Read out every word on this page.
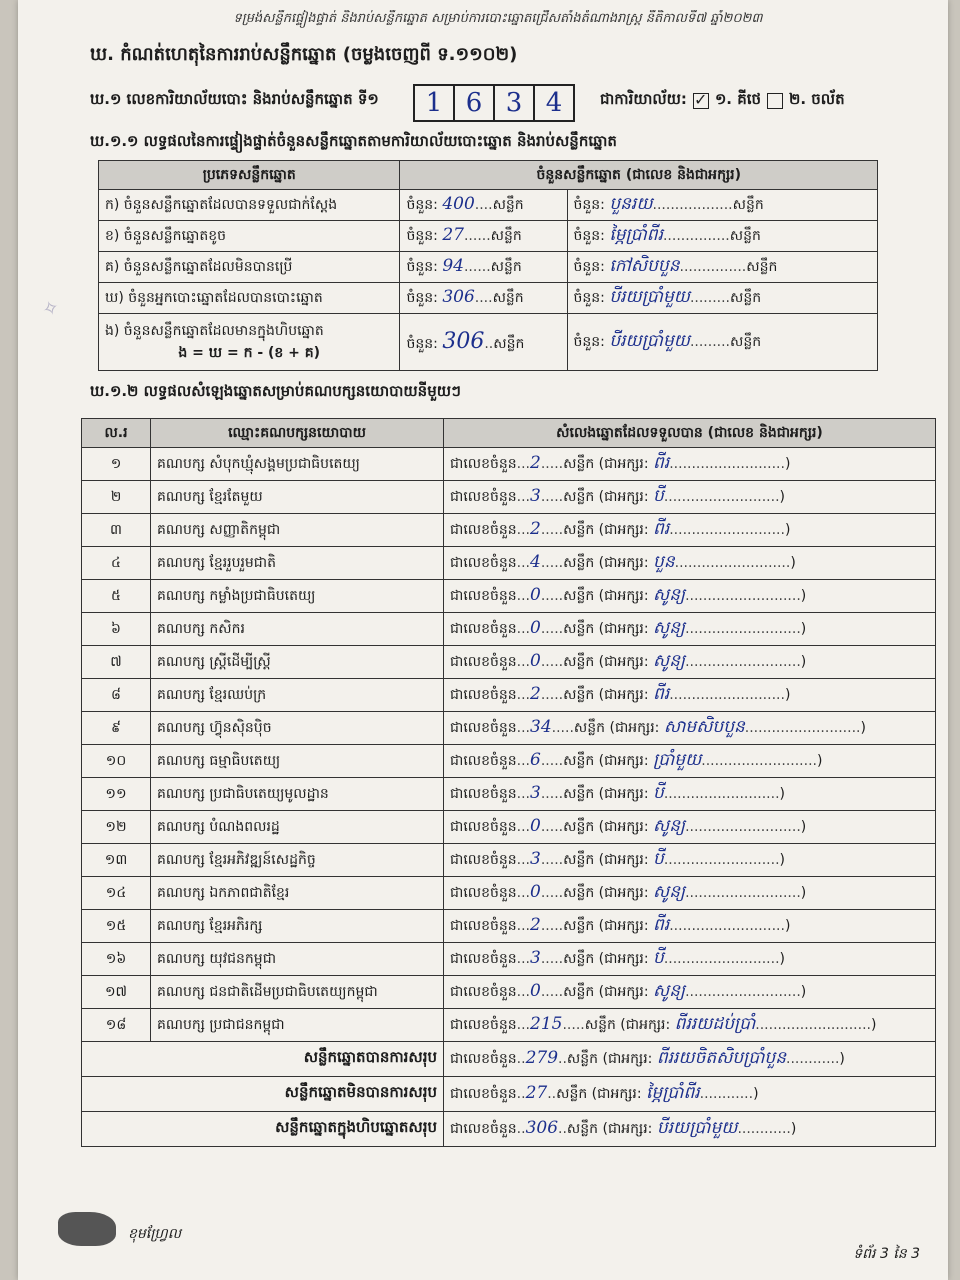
✧
ទម្រង់សន្លឹកផ្ទៀងផ្ទាត់ និងរាប់សន្លឹកឆ្នោត សម្រាប់ការបោះឆ្នោតជ្រើសតាំងតំណាងរាស្ត្រ នីតិកាលទី៧ ឆ្នាំ២០២៣
ឃ. កំណត់ហេតុនៃការរាប់សន្លឹកឆ្នោត (ចម្លងចេញពី ទ.១១០២)
ឃ.១ លេខការិយាល័យបោះ និងរាប់សន្លឹកឆ្នោត ទី១	1 6 3 4	ជាការិយាល័យ: ✓ ១. គីថេ ២. ចល័ត
ឃ.១.១ លទ្ធផលនៃការផ្ទៀងផ្ទាត់ចំនួនសន្លឹកឆ្នោតតាមការិយាល័យបោះឆ្នោត និងរាប់សន្លឹកឆ្នោត
ប្រភេទសន្លឹកឆ្នោត	ចំនួនសន្លឹកឆ្នោត (ជាលេខ និងជាអក្សរ)	
ក) ចំនួនសន្លឹកឆ្នោតដែលបានទទួលជាក់ស្តែង	ចំនួន: 400....សន្លឹក	ចំនួន: បួនរយ..................សន្លឹក
ខ) ចំនួនសន្លឹកឆ្នោតខូច	ចំនួន: 27......សន្លឹក	ចំនួន: ម្ភៃប្រាំពីរ...............សន្លឹក
គ) ចំនួនសន្លឹកឆ្នោតដែលមិនបានប្រើ	ចំនួន: 94......សន្លឹក	ចំនួន: កៅសិបបួន...............សន្លឹក
ឃ) ចំនួនអ្នកបោះឆ្នោតដែលបានបោះឆ្នោត	ចំនួន: 306....សន្លឹក	ចំនួន: បីរយប្រាំមួយ.........សន្លឹក

ង) ចំនួនសន្លឹកឆ្នោតដែលមានក្នុងហិបឆ្នោត
ង = ឃ = ក - (ខ + គ)	ចំនួន: 306..សន្លឹក	ចំនួន: បីរយប្រាំមួយ.........សន្លឹក
ឃ.១.២ លទ្ធផលសំឡេងឆ្នោតសម្រាប់គណបក្សនយោបាយនីមួយៗ
ល.រ	ឈ្មោះគណបក្សនយោបាយ	សំលេងឆ្នោតដែលទទួលបាន (ជាលេខ និងជាអក្សរ)
១	គណបក្ស សំបុកឃ្មុំសង្គមប្រជាធិបតេយ្យ	ជាលេខចំនួន...2.....សន្លឹក (ជាអក្សរ: ពីរ..........................)
២	គណបក្ស ខ្មែរតែមួយ	ជាលេខចំនួន...3.....សន្លឹក (ជាអក្សរ: បី..........................)
៣	គណបក្ស សញ្ញាតិកម្ពុជា	ជាលេខចំនួន...2.....សន្លឹក (ជាអក្សរ: ពីរ..........................)
៤	គណបក្ស ខ្មែររួបរួមជាតិ	ជាលេខចំនួន...4.....សន្លឹក (ជាអក្សរ: បួន..........................)
៥	គណបក្ស កម្លាំងប្រជាធិបតេយ្យ	ជាលេខចំនួន...0.....សន្លឹក (ជាអក្សរ: សូន្យ..........................)
៦	គណបក្ស កសិករ	ជាលេខចំនួន...0.....សន្លឹក (ជាអក្សរ: សូន្យ..........................)
៧	គណបក្ស ស្ត្រីដើម្បីស្ត្រី	ជាលេខចំនួន...0.....សន្លឹក (ជាអក្សរ: សូន្យ..........................)
៨	គណបក្ស ខ្មែរឈប់ក្រ	ជាលេខចំនួន...2.....សន្លឹក (ជាអក្សរ: ពីរ..........................)
៩	គណបក្ស ហ៊្វុនស៊ិនប៉ិច	ជាលេខចំនួន...34.....សន្លឹក (ជាអក្សរ: សាមសិបបួន..........................)
១០	គណបក្ស ធម្មាធិបតេយ្យ	ជាលេខចំនួន...6.....សន្លឹក (ជាអក្សរ: ប្រាំមួយ..........................)
១១	គណបក្ស ប្រជាធិបតេយ្យមូលដ្ឋាន	ជាលេខចំនួន...3.....សន្លឹក (ជាអក្សរ: បី..........................)
១២	គណបក្ស បំណងពលរដ្ឋ	ជាលេខចំនួន...0.....សន្លឹក (ជាអក្សរ: សូន្យ..........................)
១៣	គណបក្ស ខ្មែរអភិវឌ្ឍន៍សេដ្ឋកិច្ច	ជាលេខចំនួន...3.....សន្លឹក (ជាអក្សរ: បី..........................)
១៤	គណបក្ស ឯកភាពជាតិខ្មែរ	ជាលេខចំនួន...0.....សន្លឹក (ជាអក្សរ: សូន្យ..........................)
១៥	គណបក្ស ខ្មែរអភិរក្ស	ជាលេខចំនួន...2.....សន្លឹក (ជាអក្សរ: ពីរ..........................)
១៦	គណបក្ស យុវជនកម្ពុជា	ជាលេខចំនួន...3.....សន្លឹក (ជាអក្សរ: បី..........................)
១៧	គណបក្ស ជនជាតិដើមប្រជាធិបតេយ្យកម្ពុជា	ជាលេខចំនួន...0.....សន្លឹក (ជាអក្សរ: សូន្យ..........................)
១៨	គណបក្ស ប្រជាជនកម្ពុជា	ជាលេខចំនួន...215.....សន្លឹក (ជាអក្សរ: ពីររយដប់ប្រាំ..........................)
សន្លឹកឆ្នោតបានការសរុប		ជាលេខចំនួន..279..សន្លឹក (ជាអក្សរ: ពីររយចិតសិបប្រាំបួន............)
សន្លឹកឆ្នោតមិនបានការសរុប		ជាលេខចំនួន..27..សន្លឹក (ជាអក្សរ: ម្ភៃប្រាំពីរ............)
សន្លឹកឆ្នោតក្នុងហិបឆ្នោតសរុប		ជាលេខចំនួន..306..សន្លឹក (ជាអក្សរ: បីរយប្រាំមួយ............)
ខុមហ្វ្រែល
ទំព័រ 3 នៃ 3
